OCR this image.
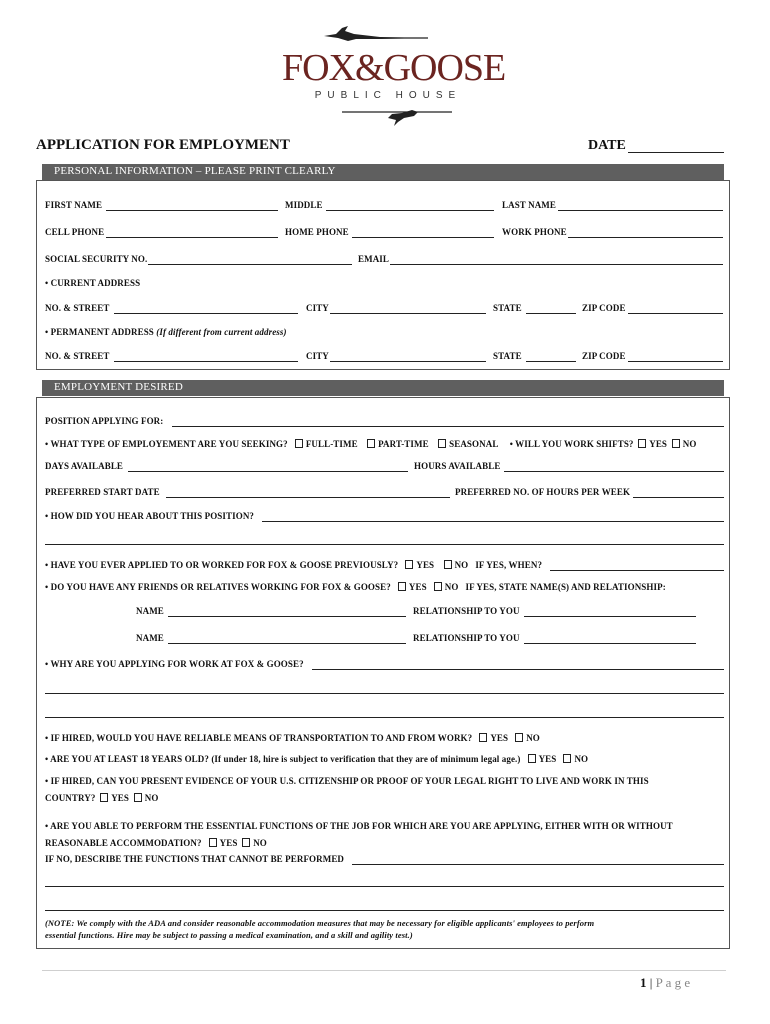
FOX&GOOSE
PUBLIC HOUSE
APPLICATION FOR EMPLOYMENT	DATE
PERSONAL INFORMATION – PLEASE PRINT CLEARLY
FIRST NAME	MIDDLE	LAST NAME
CELL PHONE	HOME PHONE	WORK PHONE
SOCIAL SECURITY NO.	EMAIL
• CURRENT ADDRESS
NO. & STREET	CITY	STATE	ZIP CODE
• PERMANENT ADDRESS (If different from current address)
NO. & STREET	CITY	STATE	ZIP CODE
EMPLOYMENT DESIRED
POSITION APPLYING FOR:
• WHAT TYPE OF EMPLOYEMENT ARE YOU SEEKING? FULL-TIME PART-TIME SEASONAL • WILL YOU WORK SHIFTS? YES NO
DAYS AVAILABLE	HOURS AVAILABLE
PREFERRED START DATE	PREFERRED NO. OF HOURS PER WEEK
• HOW DID YOU HEAR ABOUT THIS POSITION?
• HAVE YOU EVER APPLIED TO OR WORKED FOR FOX & GOOSE PREVIOUSLY? YES NO IF YES, WHEN?
• DO YOU HAVE ANY FRIENDS OR RELATIVES WORKING FOR FOX & GOOSE? YES NO IF YES, STATE NAME(S) AND RELATIONSHIP:
NAME	RELATIONSHIP TO YOU
NAME	RELATIONSHIP TO YOU
• WHY ARE YOU APPLYING FOR WORK AT FOX & GOOSE?
• IF HIRED, WOULD YOU HAVE RELIABLE MEANS OF TRANSPORTATION TO AND FROM WORK? YES NO
• ARE YOU AT LEAST 18 YEARS OLD? (If under 18, hire is subject to verification that they are of minimum legal age.) YES NO
• IF HIRED, CAN YOU PRESENT EVIDENCE OF YOUR U.S. CITIZENSHIP OR PROOF OF YOUR LEGAL RIGHT TO LIVE AND WORK IN THIS
COUNTRY? YES NO
• ARE YOU ABLE TO PERFORM THE ESSENTIAL FUNCTIONS OF THE JOB FOR WHICH ARE YOU ARE APPLYING, EITHER WITH OR WITHOUT
REASONABLE ACCOMMODATION? YES NO
IF NO, DESCRIBE THE FUNCTIONS THAT CANNOT BE PERFORMED
(NOTE: We comply with the ADA and consider reasonable accommodation measures that may be necessary for eligible applicants' employees to perform
essential functions. Hire may be subject to passing a medical examination, and a skill and agility test.)
1 | P a g e
